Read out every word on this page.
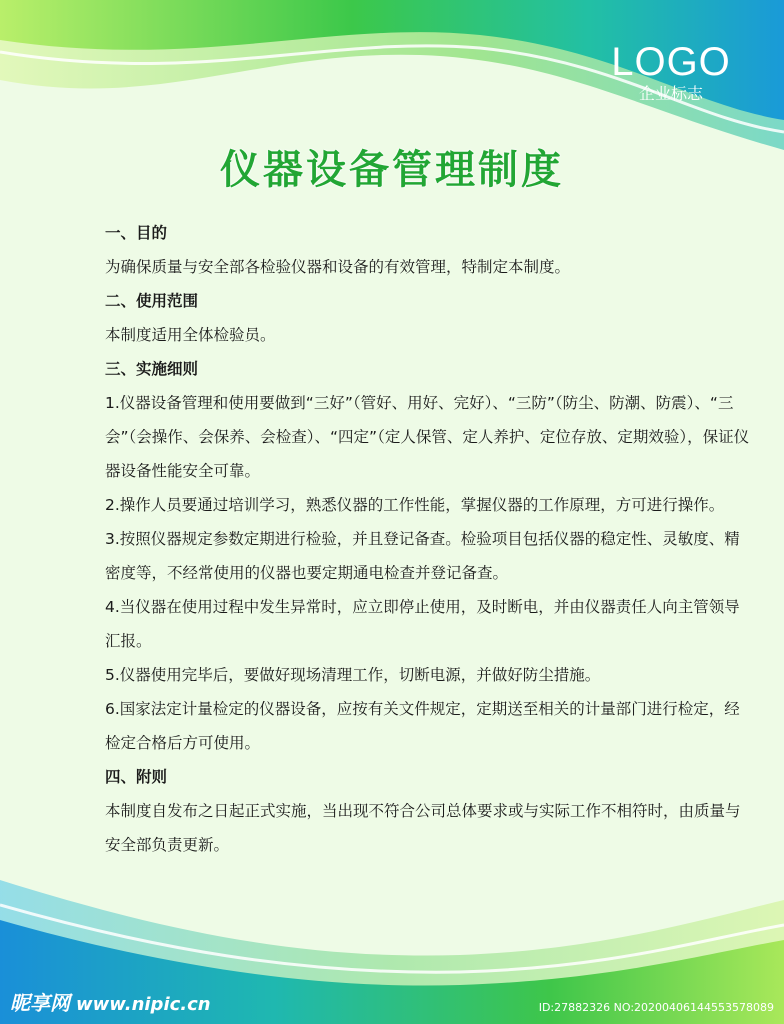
LOGO
企业标志
仪器设备管理制度

一、目的

为确保质量与安全部各检验仪器和设备的有效管理，特制定本制度。

二、使用范围

本制度适用全体检验员。

三、实施细则

1.仪器设备管理和使用要做到“三好”（管好、用好、完好）、“三防”（防尘、防潮、防震）、“三会”（会操作、会保养、会检查）、“四定”（定人保管、定人养护、定位存放、定期效验），保证仪器设备性能安全可靠。

2.操作人员要通过培训学习，熟悉仪器的工作性能，掌握仪器的工作原理，方可进行操作。

3.按照仪器规定参数定期进行检验，并且登记备查。检验项目包括仪器的稳定性、灵敏度、精密度等，不经常使用的仪器也要定期通电检查并登记备查。

4.当仪器在使用过程中发生异常时，应立即停止使用，及时断电，并由仪器责任人向主管领导汇报。

5.仪器使用完毕后，要做好现场清理工作，切断电源，并做好防尘措施。

6.国家法定计量检定的仪器设备，应按有关文件规定，定期送至相关的计量部门进行检定，经检定合格后方可使用。

四、附则

本制度自发布之日起正式实施，当出现不符合公司总体要求或与实际工作不相符时，由质量与安全部负责更新。

昵享网 www.nipic.cn	ID:27882326 NO:20200406144553578089
